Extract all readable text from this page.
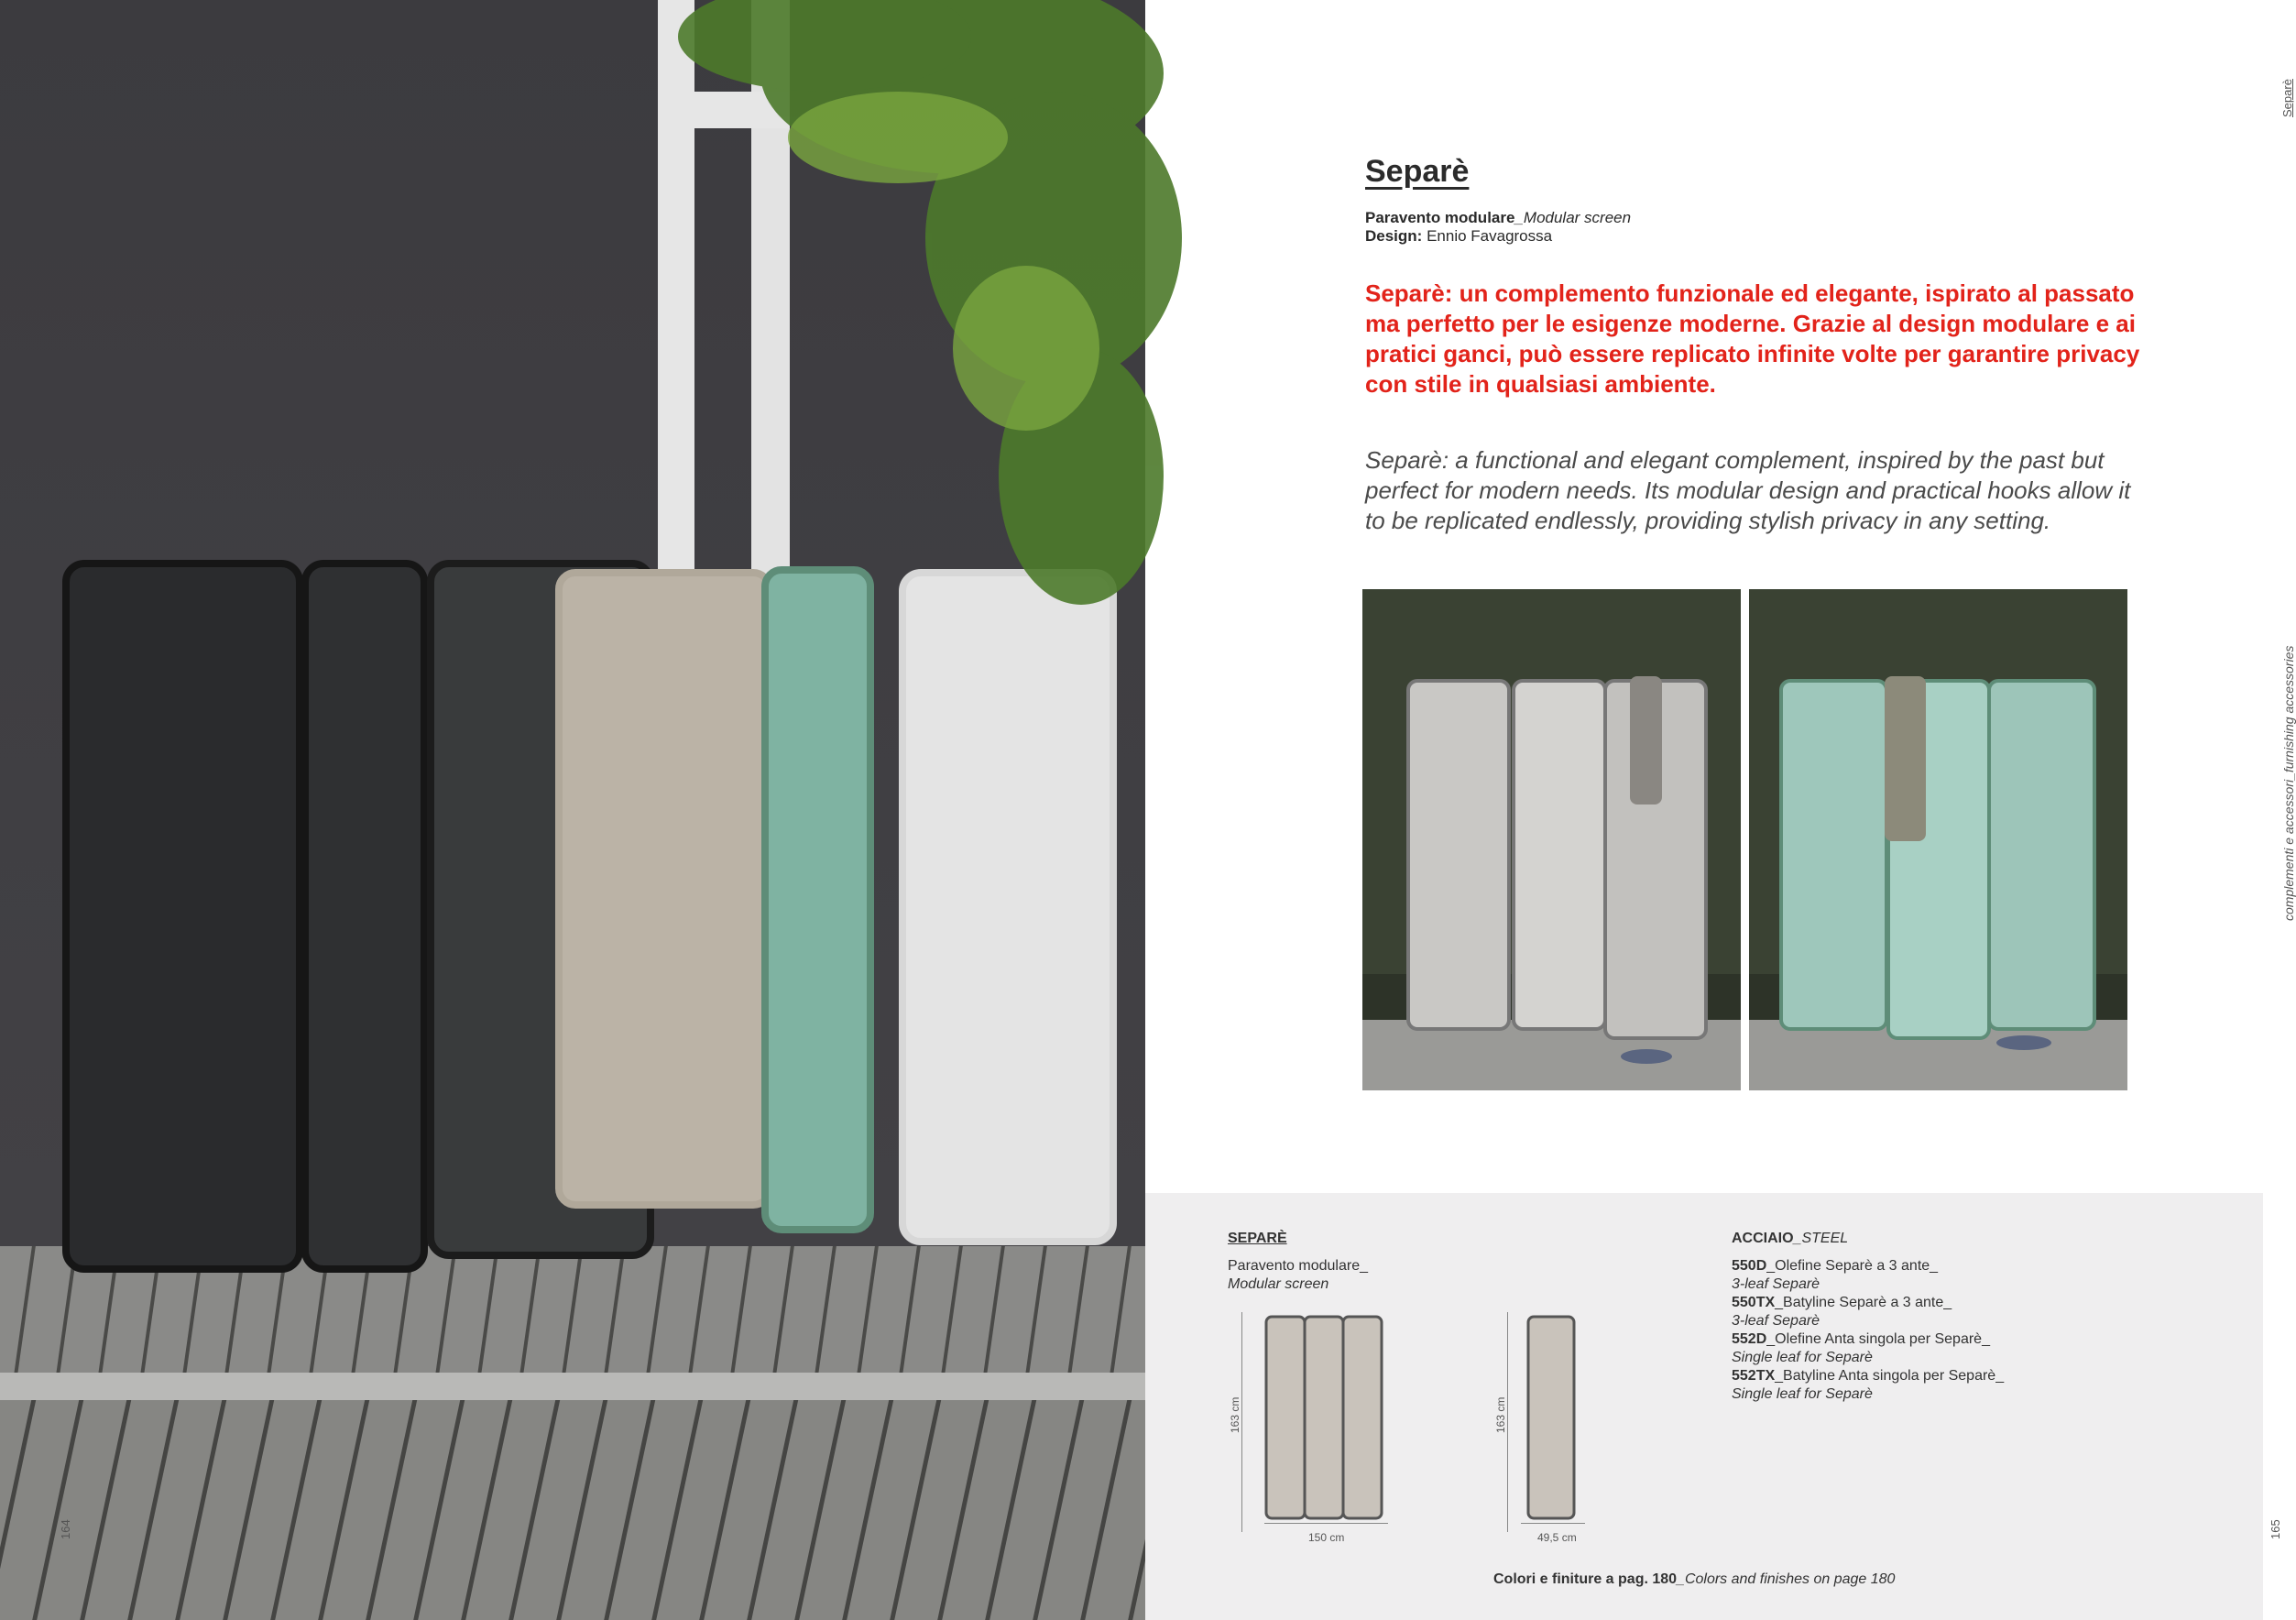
164
Separè
complementi e accessori_furnishing accessories
Separè
Paravento modulare_Modular screen
Design: Ennio Favagrossa
Separè: un complemento funzionale ed elegante, ispirato al passato ma perfetto per le esigenze moderne. Grazie al design modulare e ai pratici ganci, può essere replicato infinite volte per garantire privacy con stile in qualsiasi ambiente.
Separè: a functional and elegant complement, inspired by the past but perfect for modern needs. Its modular design and practical hooks allow it to be replicated endlessly, providing stylish privacy in any setting.
SEPARÈ
Paravento modulare_
Modular screen
163 cm
150 cm
163 cm
49,5 cm
ACCIAIO_STEEL
550D_Olefine Separè a 3 ante_
3-leaf Separè
550TX_Batyline Separè a 3 ante_
3-leaf Separè
552D_Olefine Anta singola per Separè_
Single leaf for Separè
552TX_Batyline Anta singola per Separè_
Single leaf for Separè
Colori e finiture a pag. 180_Colors and finishes on page 180
165
